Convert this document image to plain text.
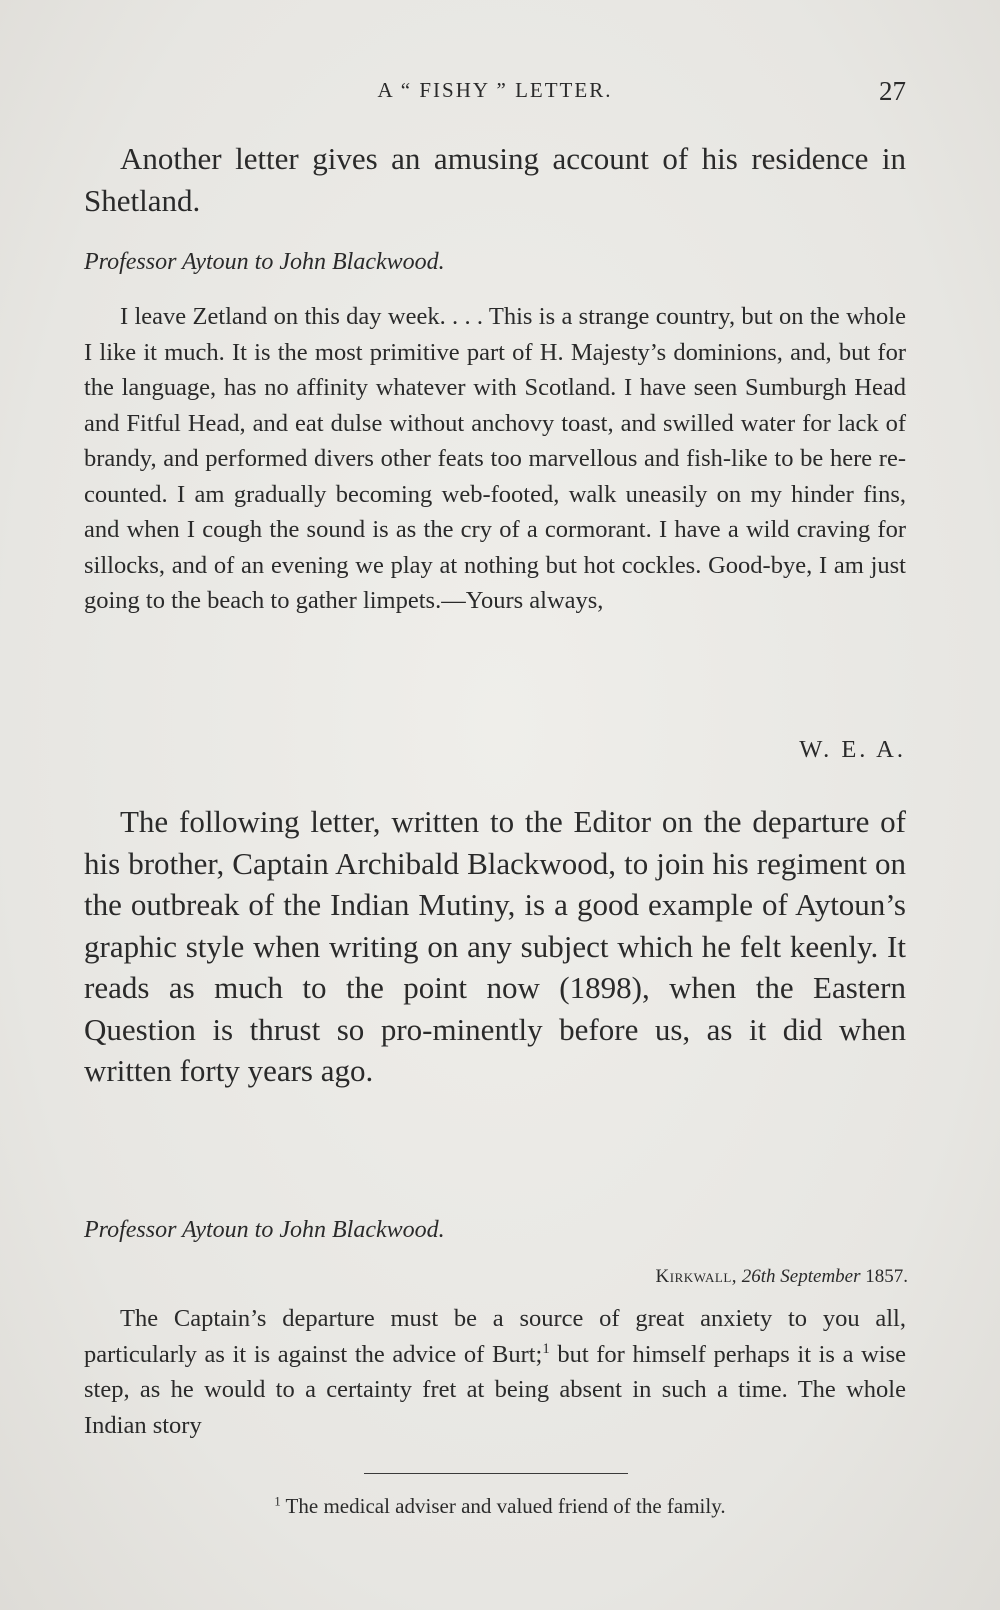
A “ FISHY ” LETTER.	27

Another letter gives an amusing account of his residence in Shetland.

Professor Aytoun to John Blackwood.

I leave Zetland on this day week. . . . This is a strange country, but on the whole I like it much. It is the most primitive part of H. Majesty’s dominions, and, but for the language, has no affinity whatever with Scotland. I have seen Sumburgh Head and Fitful Head, and eat dulse without anchovy toast, and swilled water for lack of brandy, and performed divers other feats too marvellous and fish-like to be here re-counted. I am gradually becoming web-footed, walk uneasily on my hinder fins, and when I cough the sound is as the cry of a cormorant. I have a wild craving for sillocks, and of an evening we play at nothing but hot cockles. Good-bye, I am just going to the beach to gather limpets.—Yours always,

W. E. A.

The following letter, written to the Editor on the departure of his brother, Captain Archibald Blackwood, to join his regiment on the outbreak of the Indian Mutiny, is a good example of Aytoun’s graphic style when writing on any subject which he felt keenly. It reads as much to the point now (1898), when the Eastern Question is thrust so pro-minently before us, as it did when written forty years ago.

Professor Aytoun to John Blackwood.
Kirkwall, 26th September 1857.

The Captain’s departure must be a source of great anxiety to you all, particularly as it is against the advice of Burt;$^1$ but for himself perhaps it is a wise step, as he would to a certainty fret at being absent in such a time. The whole Indian story

$^1$ The medical adviser and valued friend of the family.
